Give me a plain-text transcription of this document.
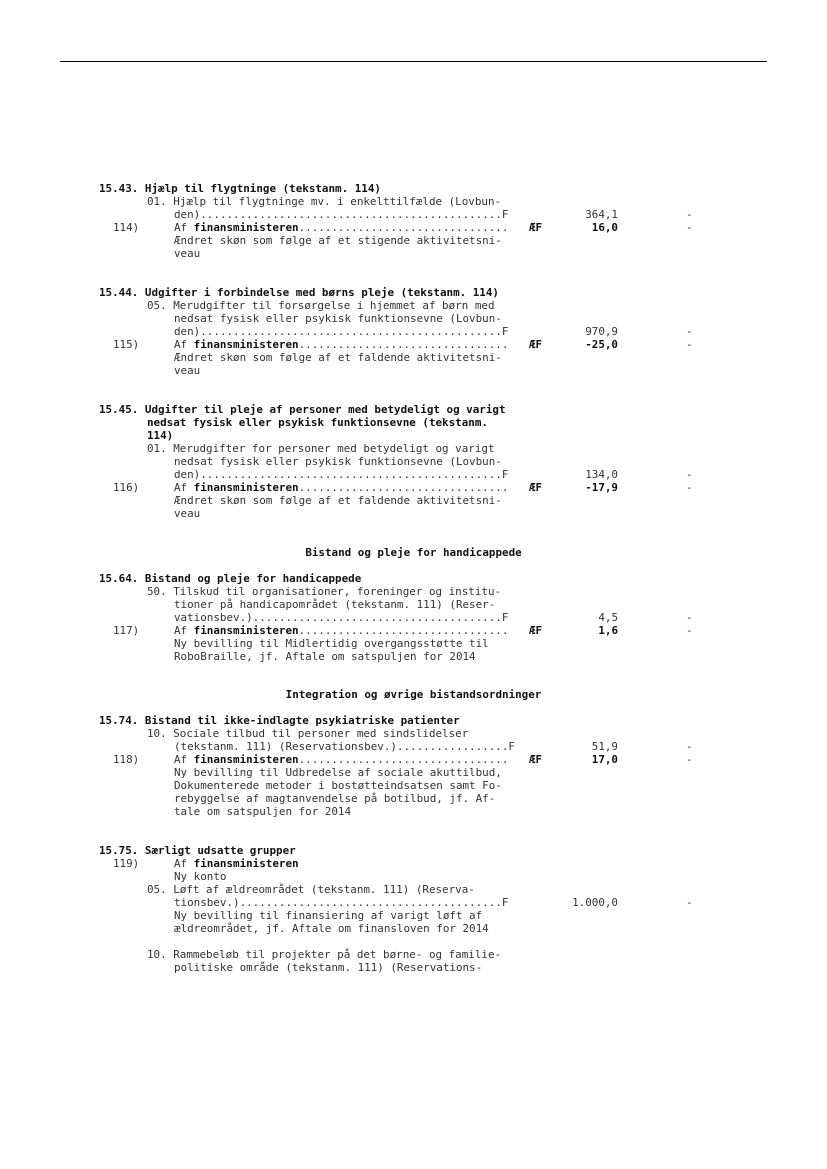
15.43. Hjælp til flygtninge (tekstanm. 114)
01. Hjælp til flygtninge mv. i enkelttilfælde (Lovbun-
den)..............................................F	364,1	-
114)	Af finansministeren................................ ÆF	16,0	-
Ændret skøn som følge af et stigende aktivitetsni-
veau
15.44. Udgifter i forbindelse med børns pleje (tekstanm. 114)
05. Merudgifter til forsørgelse i hjemmet af børn med
nedsat fysisk eller psykisk funktionsevne (Lovbun-
den)..............................................F	970,9	-
115)	Af finansministeren................................ ÆF	-25,0	-
Ændret skøn som følge af et faldende aktivitetsni-
veau
15.45. Udgifter til pleje af personer med betydeligt og varigt
nedsat fysisk eller psykisk funktionsevne (tekstanm.
114)
01. Merudgifter for personer med betydeligt og varigt
nedsat fysisk eller psykisk funktionsevne (Lovbun-
den)..............................................F	134,0	-
116)	Af finansministeren................................ ÆF	-17,9	-
Ændret skøn som følge af et faldende aktivitetsni-
veau
Bistand og pleje for handicappede
15.64. Bistand og pleje for handicappede
50. Tilskud til organisationer, foreninger og institu-
tioner på handicapområdet (tekstanm. 111) (Reser-
vationsbev.)......................................F	4,5	-
117)	Af finansministeren................................ ÆF	1,6	-
Ny bevilling til Midlertidig overgangsstøtte til
RoboBraille, jf. Aftale om satspuljen for 2014
Integration og øvrige bistandsordninger
15.74. Bistand til ikke-indlagte psykiatriske patienter
10. Sociale tilbud til personer med sindslidelser
(tekstanm. 111) (Reservationsbev.).................F	51,9	-
118)	Af finansministeren................................ ÆF	17,0	-
Ny bevilling til Udbredelse af sociale akuttilbud,
Dokumenterede metoder i bostøtteindsatsen samt Fo-
rebyggelse af magtanvendelse på botilbud, jf. Af-
tale om satspuljen for 2014
15.75. Særligt udsatte grupper
119)	Af finansministeren
Ny konto
05. Løft af ældreområdet (tekstanm. 111) (Reserva-
tionsbev.)........................................F	1.000,0	-
Ny bevilling til finansiering af varigt løft af
ældreområdet, jf. Aftale om finansloven for 2014
10. Rammebeløb til projekter på det børne- og familie-
politiske område (tekstanm. 111) (Reservations-
